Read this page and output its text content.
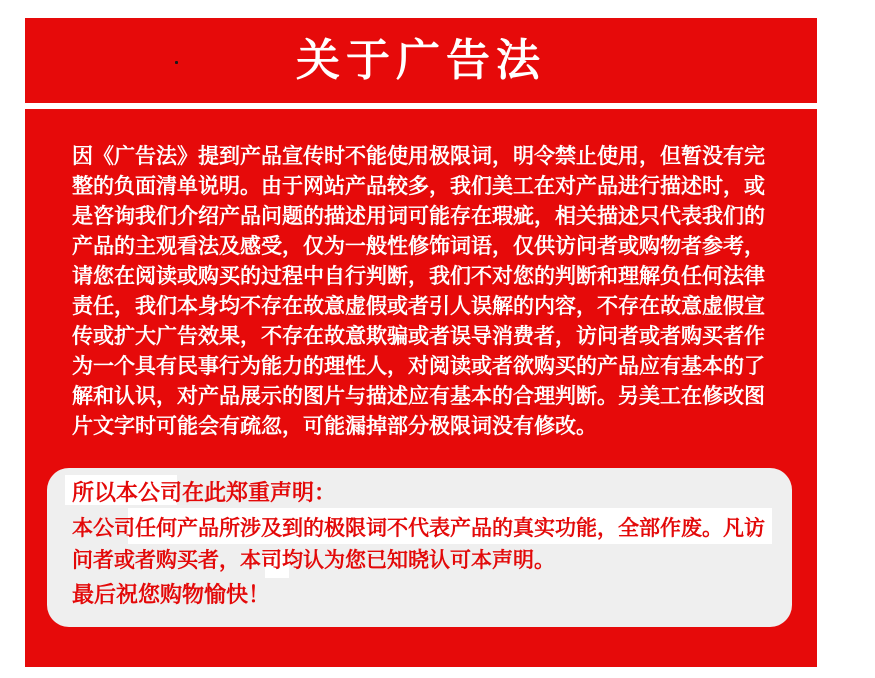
关于广告法
因《广告法》提到产品宣传时不能使用极限词，明令禁止使用，但暂没有完
整的负面清单说明。由于网站产品较多，我们美工在对产品进行描述时，或
是咨询我们介绍产品问题的描述用词可能存在瑕疵，相关描述只代表我们的
产品的主观看法及感受，仅为一般性修饰词语，仅供访问者或购物者参考，
请您在阅读或购买的过程中自行判断，我们不对您的判断和理解负任何法律
责任，我们本身均不存在故意虚假或者引人误解的内容，不存在故意虚假宣
传或扩大广告效果，不存在故意欺骗或者误导消费者，访问者或者购买者作
为一个具有民事行为能力的理性人，对阅读或者欲购买的产品应有基本的了
解和认识，对产品展示的图片与描述应有基本的合理判断。另美工在修改图
片文字时可能会有疏忽，可能漏掉部分极限词没有修改。
所以本公司在此郑重声明：
本公司任何产品所涉及到的极限词不代表产品的真实功能，全部作废。凡访
问者或者购买者，本司均认为您已知晓认可本声明。
最后祝您购物愉快！
